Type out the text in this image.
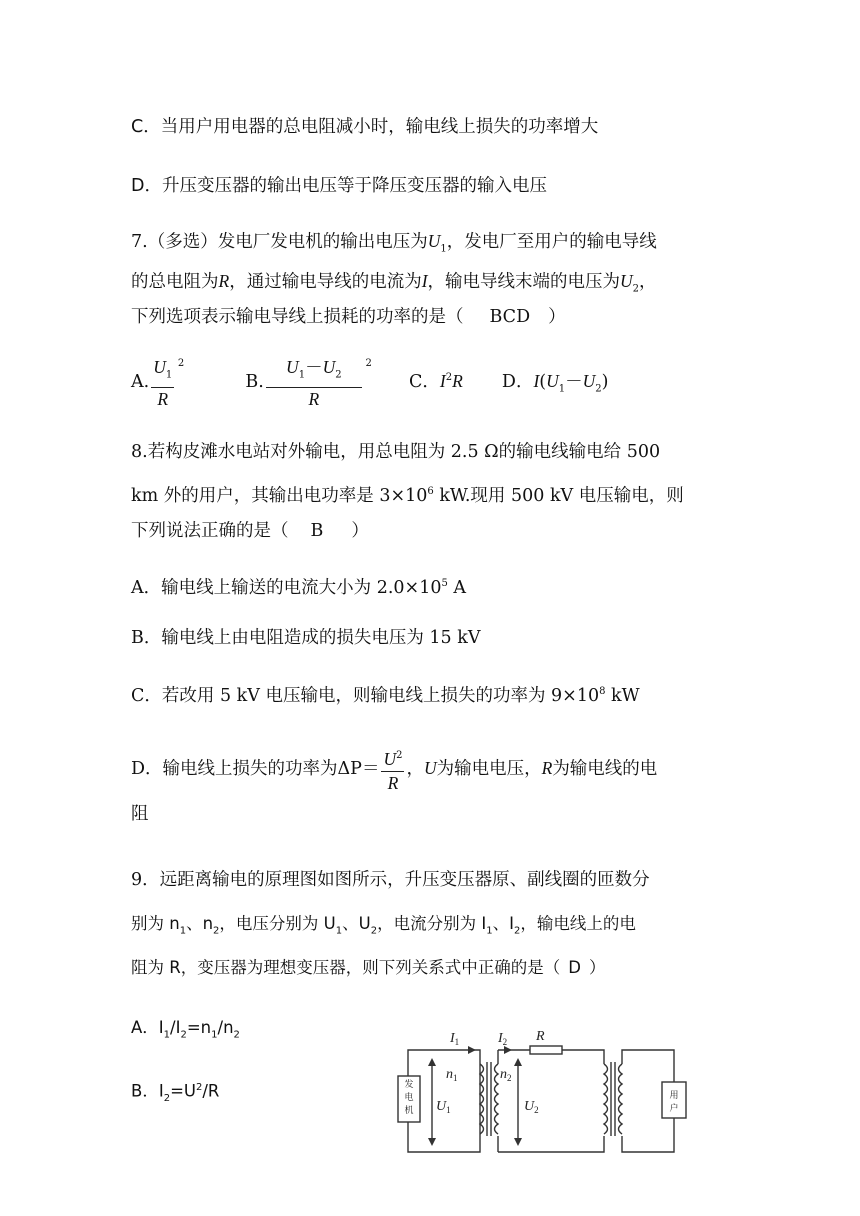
C．当用户用电器的总电阻减小时，输电线上损失的功率增大
D．升压变压器的输出电压等于降压变压器的输入电压
7.（多选）发电厂发电机的输出电压为$U_1$，发电厂至用户的输电导线
的总电阻为R，通过输电导线的电流为I，输电导线末端的电压为$U_2$，
下列选项表示输电导线上损耗的功率的是（ BCD ）
A.
$U_1$
R
2
B.
$U_1-U_2$
R
2
C．$I^2R$ D．$I(U_1-U_2)$
8.若构皮滩水电站对外输电，用总电阻为 2.5 Ω的输电线输电给 500
km 外的用户，其输出电功率是 $3\times 10^6$ kW.现用 500 kV 电压输电，则
下列说法正确的是（ B ）
A．输电线上输送的电流大小为 $2.0\times 10^5$ A
B．输电线上由电阻造成的损失电压为 15 kV
C．若改用 5 kV 电压输电，则输电线上损失的功率为 $9\times 10^8$ kW
D．输电线上损失的功率为$\Delta P= \frac{U^2}{R}$ ，U为输电电压，R为输电线的电
阻
9．远距离输电的原理图如图所示，升压变压器原、副线圈的匝数分
别为 $n_1$、$n_2$，电压分别为 $U_1$、$U_2$，电流分别为 $I_1$、$I_2$，输电线上的电
阻为 R，变压器为理想变压器，则下列关系式中正确的是（ D ）
A．$I_1/I_2=n_1/n_2$
B．$I_2=U^2/R$	发
电
机
用
户
$I_1$	$I_2$ R
$n_1$	$n_2$
$U_1$	$U_2$
